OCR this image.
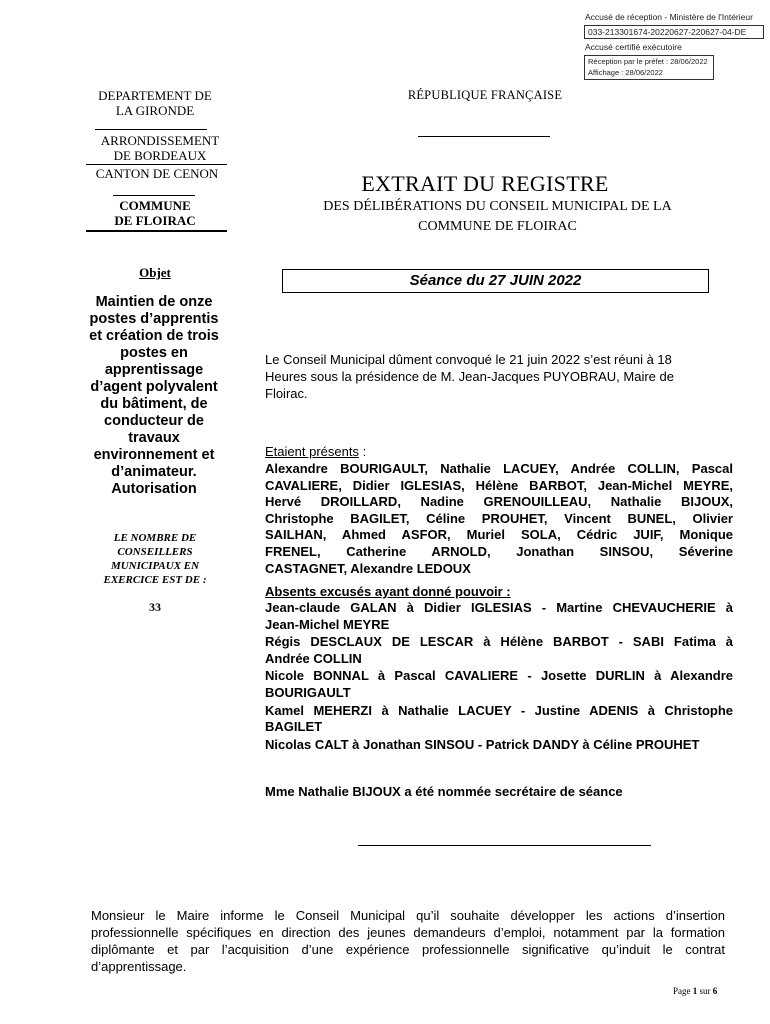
Accusé de réception - Ministère de l'Intérieur
033-213301674-20220627-220627-04-DE
Accusé certifié exécutoire
Réception par le préfet : 28/06/2022
Affichage : 28/06/2022
DEPARTEMENT DE
LA GIRONDE
ARRONDISSEMENT
DE BORDEAUX
CANTON DE CENON
COMMUNE
DE FLOIRAC
Objet
Maintien de onze
postes d’apprentis
et création de trois
postes en
apprentissage
d’agent polyvalent
du bâtiment, de
conducteur de
travaux
environnement et
d’animateur.
Autorisation
LE NOMBRE DE
CONSEILLERS
MUNICIPAUX EN
EXERCICE EST DE :
33
RÉPUBLIQUE FRANÇAISE
EXTRAIT DU REGISTRE
DES DÉLIBÉRATIONS DU CONSEIL MUNICIPAL DE LA
COMMUNE DE FLOIRAC
Séance du 27 JUIN 2022
Le Conseil Municipal dûment convoqué le 21 juin 2022 s’est réuni à 18
Heures sous la présidence de M. Jean-Jacques PUYOBRAU, Maire de
Floirac.
Etaient présents :
Alexandre BOURIGAULT, Nathalie LACUEY, Andrée COLLIN, Pascal
CAVALIERE, Didier IGLESIAS, Hélène BARBOT, Jean-Michel MEYRE,
Hervé DROILLARD, Nadine GRENOUILLEAU, Nathalie BIJOUX,
Christophe BAGILET, Céline PROUHET, Vincent BUNEL, Olivier
SAILHAN, Ahmed ASFOR, Muriel SOLA, Cédric JUIF, Monique
FRENEL, Catherine ARNOLD, Jonathan SINSOU, Séverine
CASTAGNET, Alexandre LEDOUX
Absents excusés ayant donné pouvoir :
Jean-claude GALAN à Didier IGLESIAS - Martine CHEVAUCHERIE à
Jean-Michel MEYRE
Régis DESCLAUX DE LESCAR à Hélène BARBOT - SABI Fatima à
Andrée COLLIN
Nicole BONNAL à Pascal CAVALIERE - Josette DURLIN à Alexandre
BOURIGAULT
Kamel MEHERZI à Nathalie LACUEY - Justine ADENIS à Christophe
BAGILET
Nicolas CALT à Jonathan SINSOU - Patrick DANDY à Céline PROUHET
Mme Nathalie BIJOUX a été nommée secrétaire de séance
Monsieur le Maire informe le Conseil Municipal qu’il souhaite développer les actions d’insertion professionnelle spécifiques en direction des jeunes demandeurs d’emploi, notamment par la formation diplômante et par l’acquisition d’une expérience professionnelle significative qu’induit le contrat d’apprentissage.
Page 1 sur 6
